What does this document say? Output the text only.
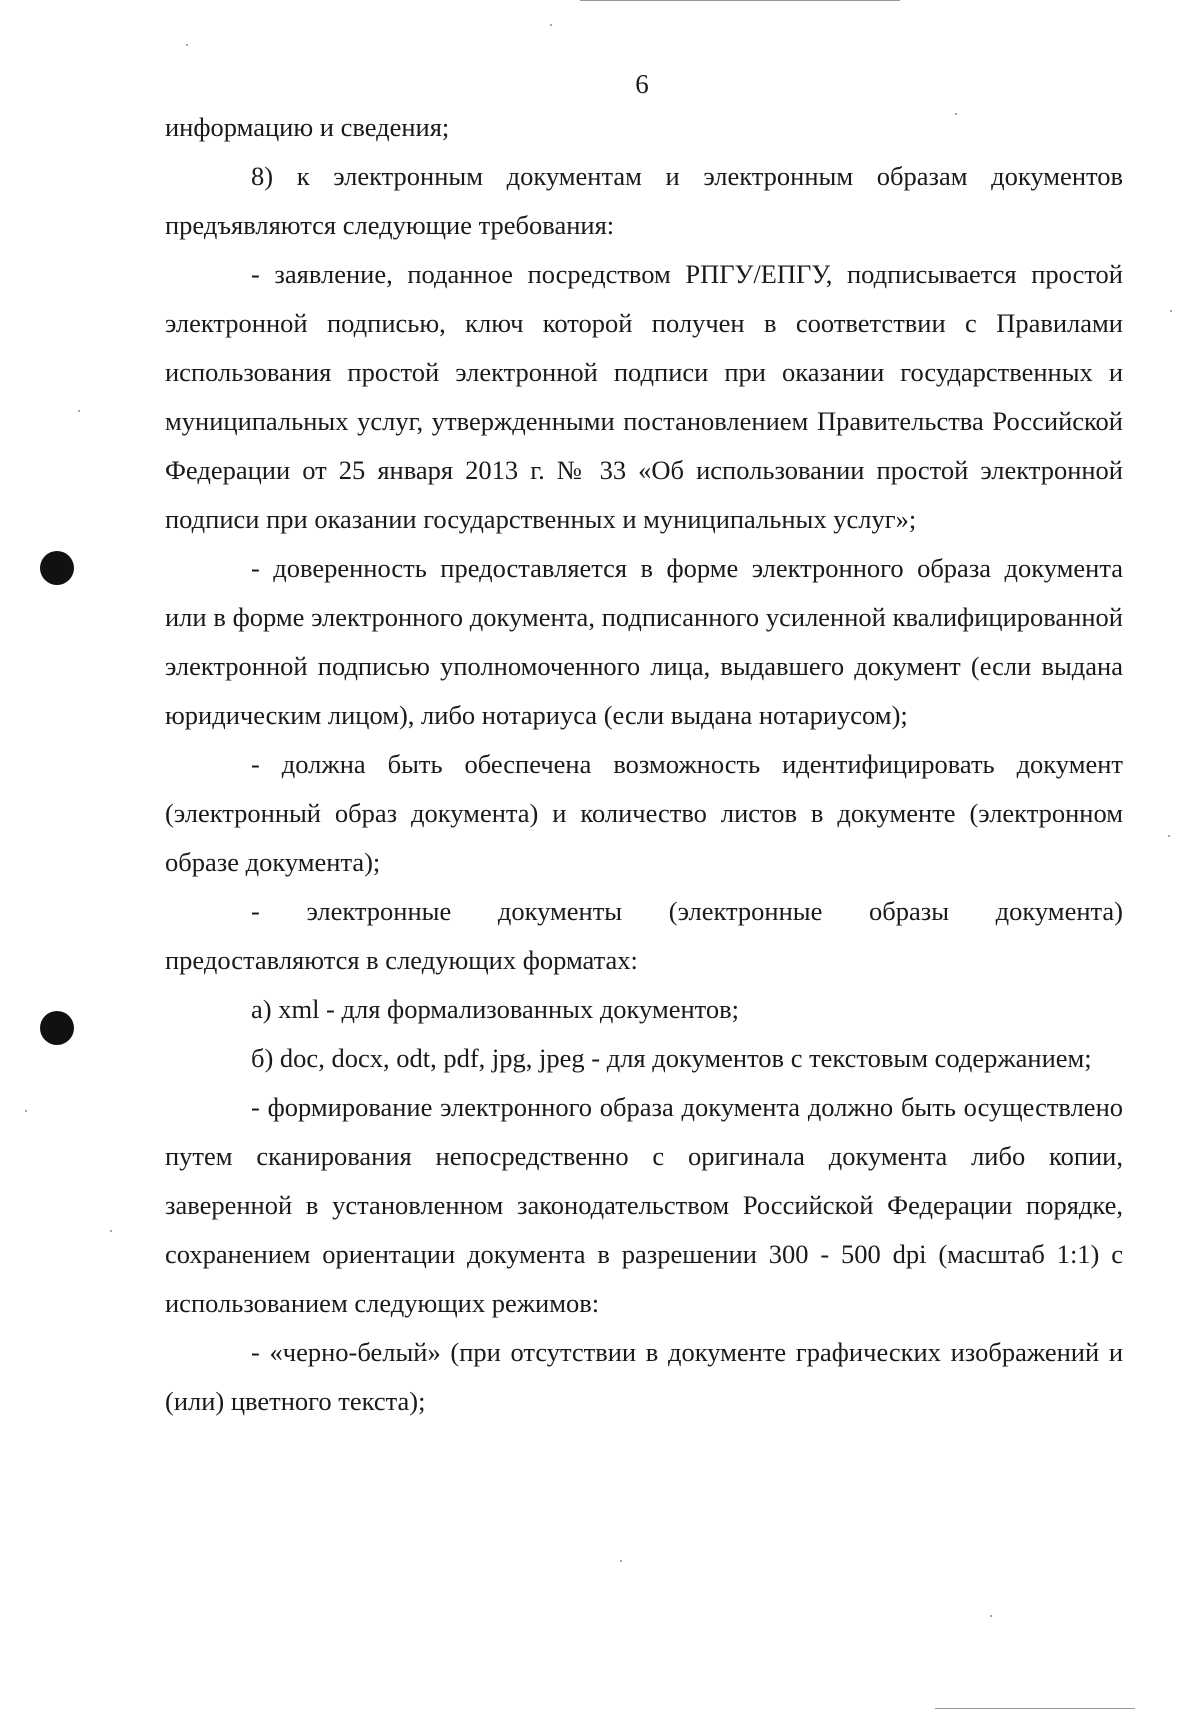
6

информацию и сведения;

8) к электронным документам и электронным образам документов предъявляются следующие требования:

- заявление, поданное посредством РПГУ/ЕПГУ, подписывается простой электронной подписью, ключ которой получен в соответствии с Правилами использования простой электронной подписи при оказании государственных и муниципальных услуг, утвержденными постановлением Правительства Российской Федерации от 25 января 2013 г. № 33 «Об использовании простой электронной подписи при оказании государственных и муниципальных услуг»;

- доверенность предоставляется в форме электронного образа документа или в форме электронного документа, подписанного усиленной квалифицированной электронной подписью уполномоченного лица, выдавшего документ (если выдана юридическим лицом), либо нотариуса (если выдана нотариусом);

- должна быть обеспечена возможность идентифицировать документ (электронный образ документа) и количество листов в документе (электронном образе документа);

- электронные документы (электронные образы документа) предоставляются в следующих форматах:

а) xml - для формализованных документов;

б) doc, docx, odt, pdf, jpg, jpeg - для документов с текстовым содержанием;

- формирование электронного образа документа должно быть осуществлено путем сканирования непосредственно с оригинала документа либо копии, заверенной в установленном законодательством Российской Федерации порядке, сохранением ориентации документа в разрешении 300 - 500 dpi (масштаб 1:1) с использованием следующих режимов:

- «черно-белый» (при отсутствии в документе графических изображений и (или) цветного текста);
